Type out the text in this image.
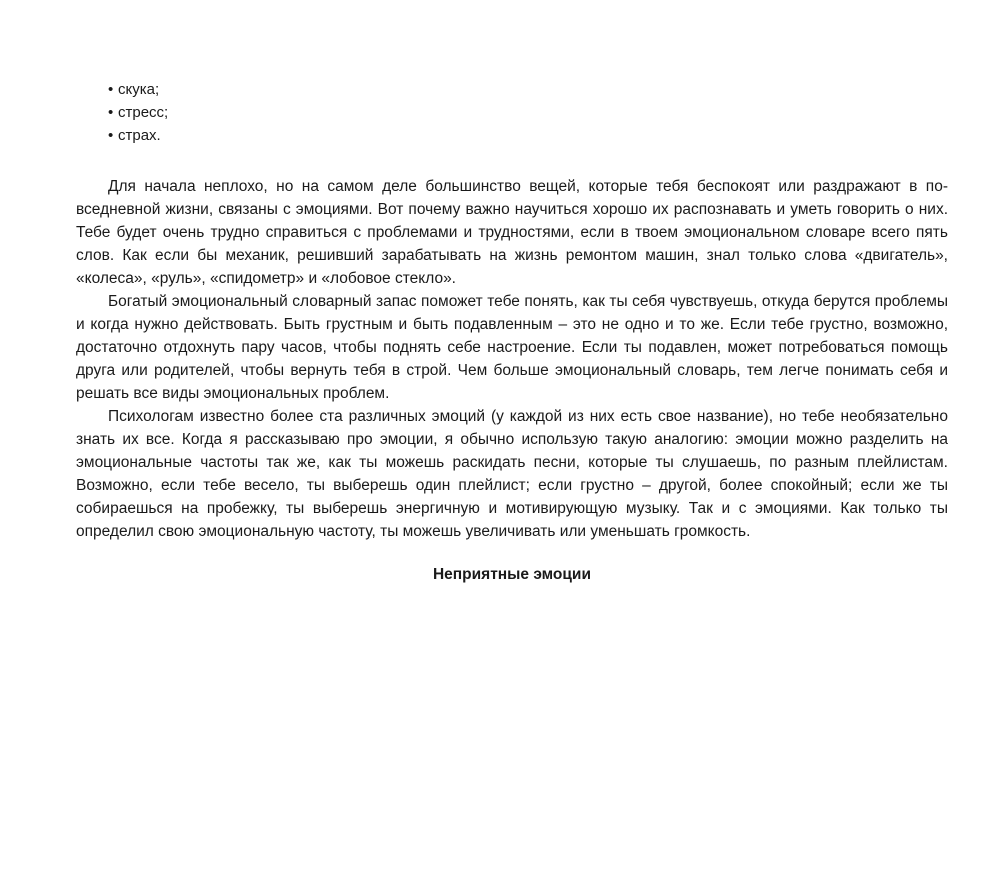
• скука;
• стресс;
• страх.

Для начала неплохо, но на самом деле большинство вещей, которые тебя беспокоят или раздражают в повседневной жизни, связаны с эмоциями. Вот почему важно научиться хорошо их распознавать и уметь говорить о них. Тебе будет очень трудно справиться с проблемами и трудностями, если в твоем эмоциональном словаре всего пять слов. Как если бы механик, решивший зарабатывать на жизнь ремонтом машин, знал только слова «двигатель», «колеса», «руль», «спидометр» и «лобовое стекло».

Богатый эмоциональный словарный запас поможет тебе понять, как ты себя чувствуешь, откуда берутся проблемы и когда нужно действовать. Быть грустным и быть подавленным – это не одно и то же. Если тебе грустно, возможно, достаточно отдохнуть пару часов, чтобы поднять себе настроение. Если ты подавлен, может потребоваться помощь друга или родителей, чтобы вернуть тебя в строй. Чем больше эмоциональный словарь, тем легче понимать себя и решать все виды эмоциональных проблем.

Психологам известно более ста различных эмоций (у каждой из них есть свое название), но тебе необязательно знать их все. Когда я рассказываю про эмоции, я обычно использую такую аналогию: эмоции можно разделить на эмоциональные частоты так же, как ты можешь раскидать песни, которые ты слушаешь, по разным плейлистам. Возможно, если тебе весело, ты выберешь один плейлист; если грустно – другой, более спокойный; если же ты собираешься на пробежку, ты выберешь энергичную и мотивирующую музыку. Так и с эмоциями. Как только ты определил свою эмоциональную частоту, ты можешь увеличивать или уменьшать громкость.

Неприятные эмоции
